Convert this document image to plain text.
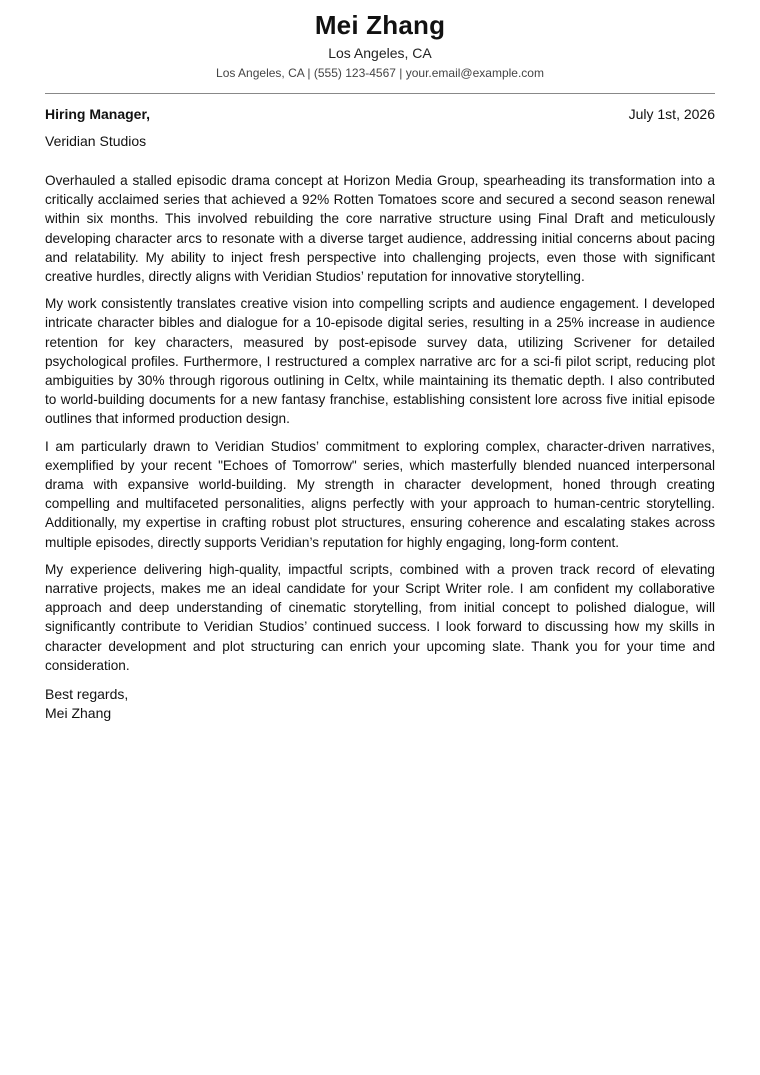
Mei Zhang
Los Angeles, CA
Los Angeles, CA | (555) 123-4567 | your.email@example.com
Hiring Manager,	July 1st, 2026
Veridian Studios

Overhauled a stalled episodic drama concept at Horizon Media Group, spearheading its transformation into a critically acclaimed series that achieved a 92% Rotten Tomatoes score and secured a second season renewal within six months. This involved rebuilding the core narrative structure using Final Draft and meticulously developing character arcs to resonate with a diverse target audience, addressing initial concerns about pacing and relatability. My ability to inject fresh perspective into challenging projects, even those with significant creative hurdles, directly aligns with Veridian Studios’ reputation for innovative storytelling.

My work consistently translates creative vision into compelling scripts and audience engagement. I developed intricate character bibles and dialogue for a 10-episode digital series, resulting in a 25% increase in audience retention for key characters, measured by post-episode survey data, utilizing Scrivener for detailed psychological profiles. Furthermore, I restructured a complex narrative arc for a sci-fi pilot script, reducing plot ambiguities by 30% through rigorous outlining in Celtx, while maintaining its thematic depth. I also contributed to world-building documents for a new fantasy franchise, establishing consistent lore across five initial episode outlines that informed production design.

I am particularly drawn to Veridian Studios’ commitment to exploring complex, character-driven narratives, exemplified by your recent "Echoes of Tomorrow" series, which masterfully blended nuanced interpersonal drama with expansive world-building. My strength in character development, honed through creating compelling and multifaceted personalities, aligns perfectly with your approach to human-centric storytelling. Additionally, my expertise in crafting robust plot structures, ensuring coherence and escalating stakes across multiple episodes, directly supports Veridian’s reputation for highly engaging, long-form content.

My experience delivering high-quality, impactful scripts, combined with a proven track record of elevating narrative projects, makes me an ideal candidate for your Script Writer role. I am confident my collaborative approach and deep understanding of cinematic storytelling, from initial concept to polished dialogue, will significantly contribute to Veridian Studios’ continued success. I look forward to discussing how my skills in character development and plot structuring can enrich your upcoming slate. Thank you for your time and consideration.

Best regards,
Mei Zhang
